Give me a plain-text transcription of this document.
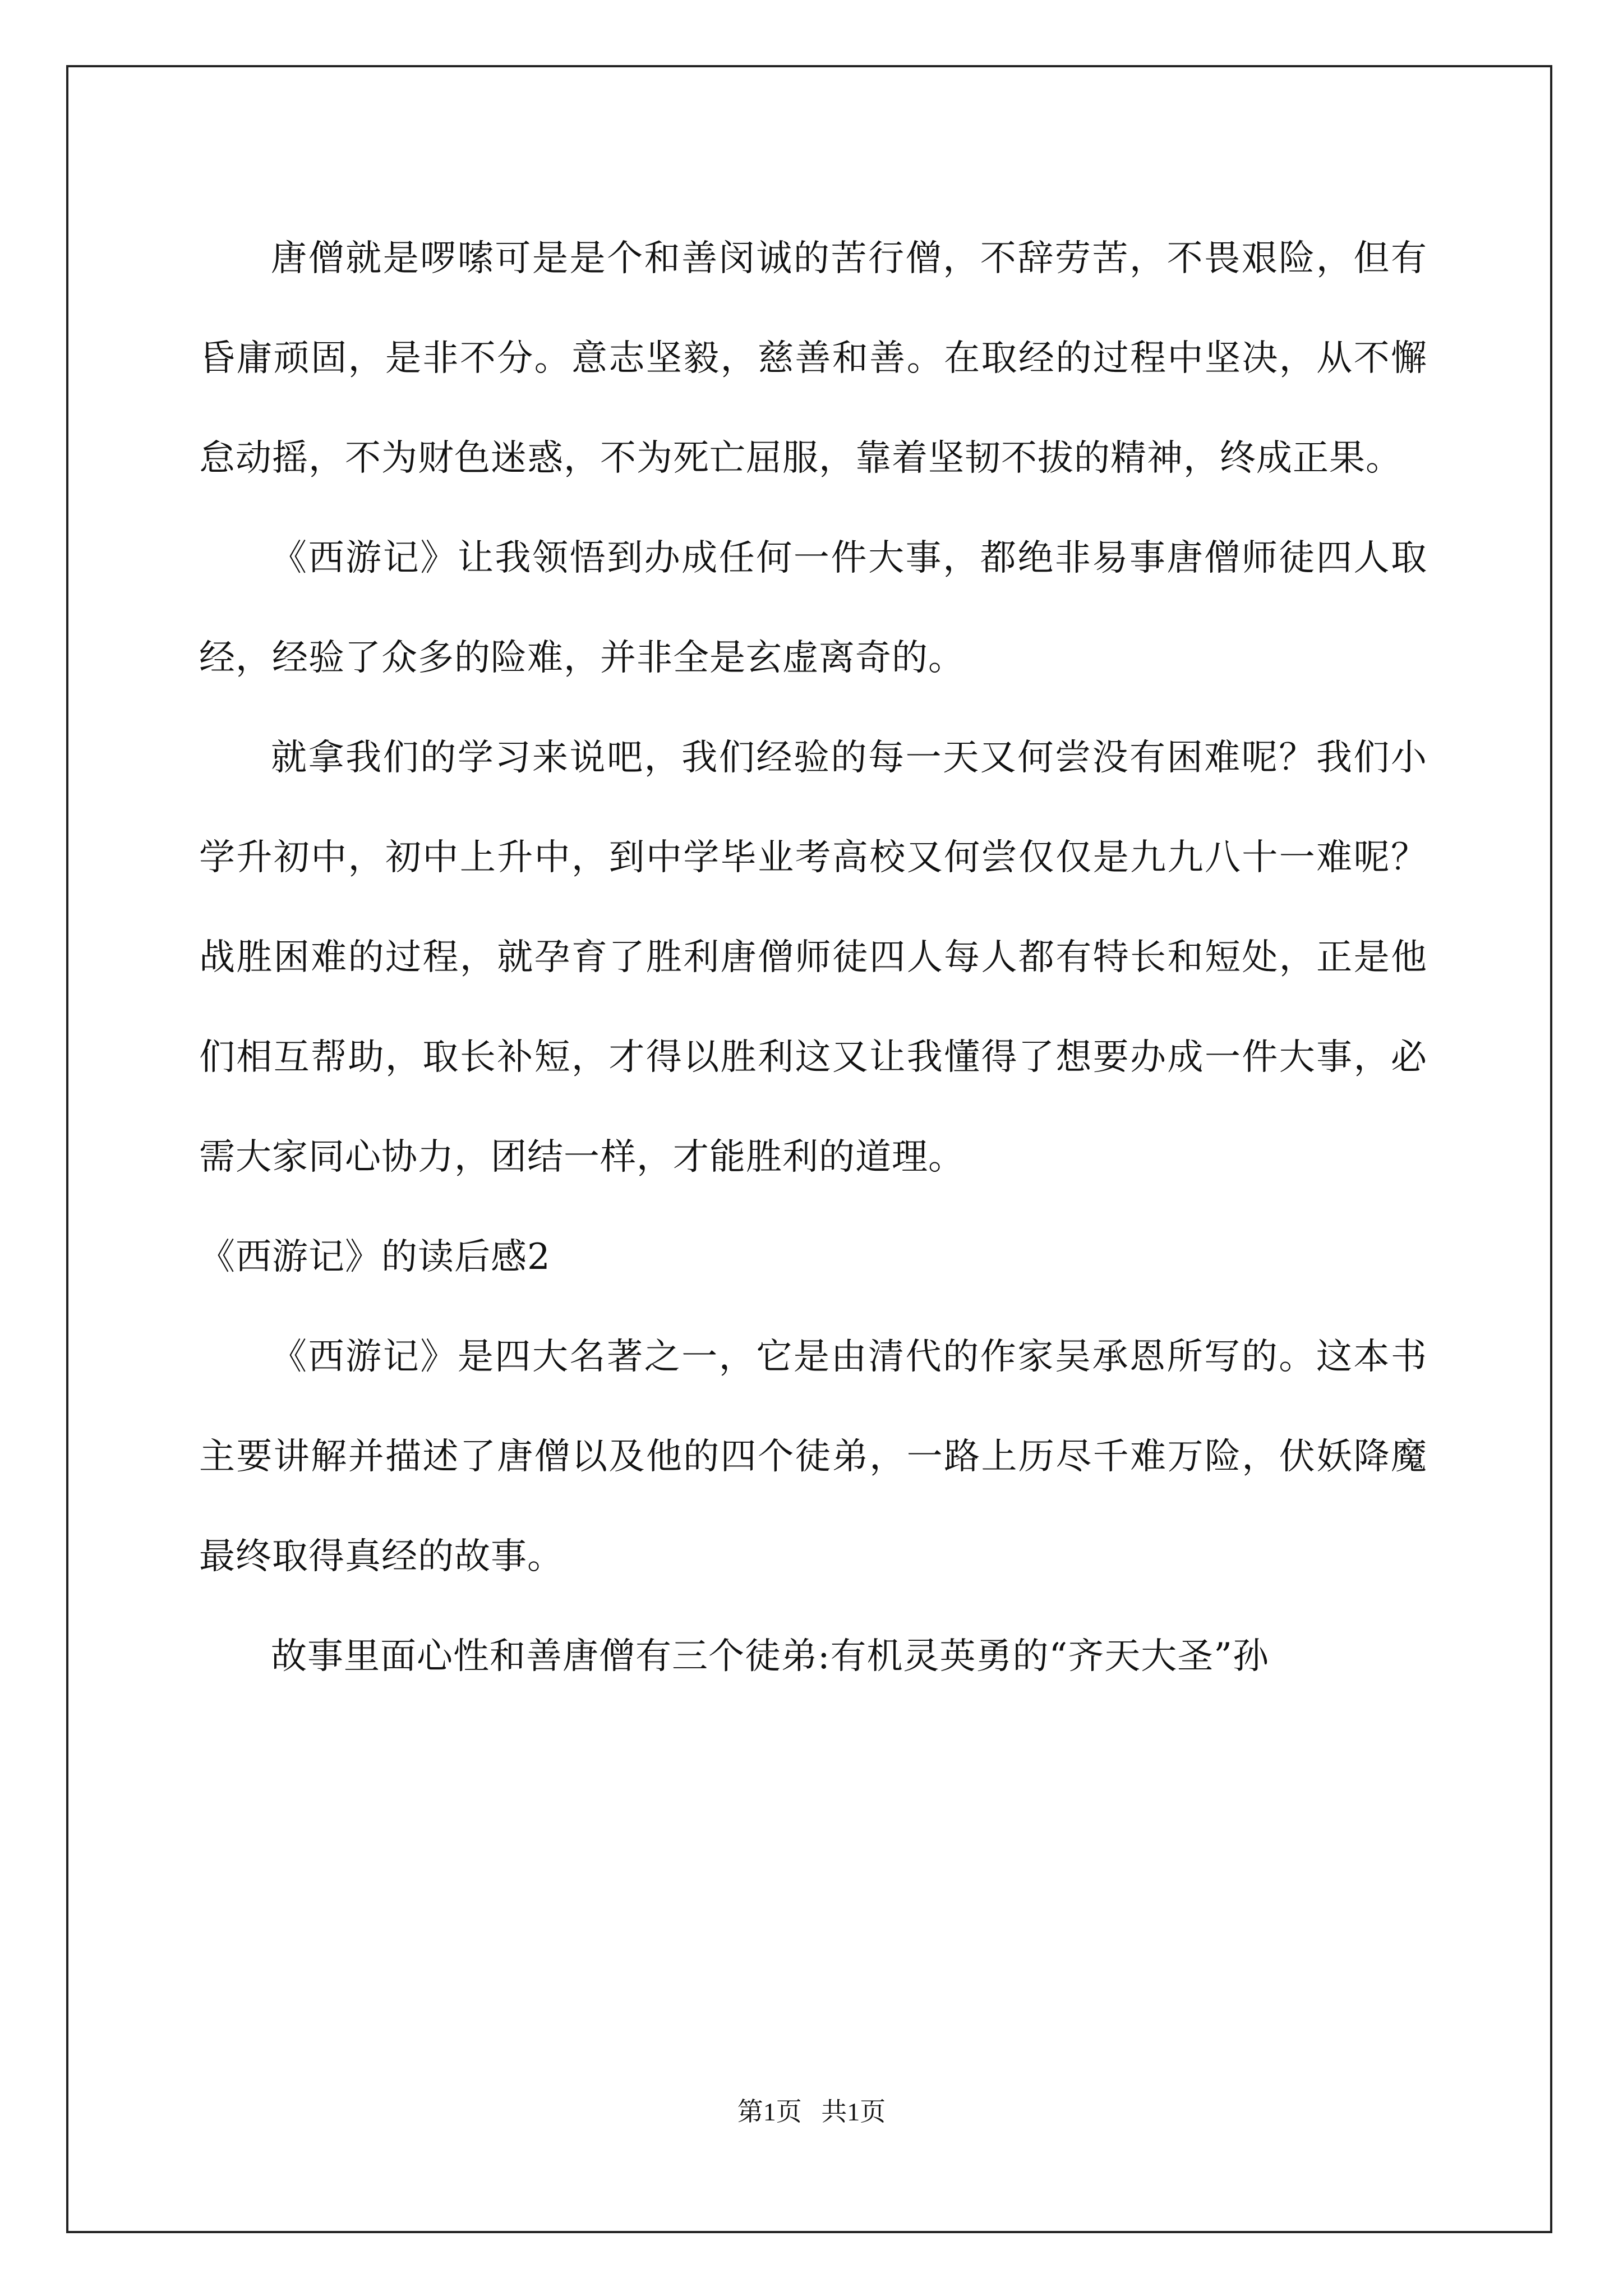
唐僧就是啰嗦可是是个和善闵诚的苦行僧，不辞劳苦，不畏艰险，但有昏庸顽固，是非不分。意志坚毅，慈善和善。在取经的过程中坚决，从不懈怠动摇，不为财色迷惑，不为死亡屈服，靠着坚韧不拔的精神，终成正果。

《西游记》让我领悟到办成任何一件大事，都绝非易事唐僧师徒四人取经，经验了众多的险难，并非全是玄虚离奇的。

就拿我们的学习来说吧，我们经验的每一天又何尝没有困难呢？我们小学升初中，初中上升中，到中学毕业考高校又何尝仅仅是九九八十一难呢？战胜困难的过程，就孕育了胜利唐僧师徒四人每人都有特长和短处，正是他们相互帮助，取长补短，才得以胜利这又让我懂得了想要办成一件大事，必需大家同心协力，团结一样，才能胜利的道理。

《西游记》的读后感2

《西游记》是四大名著之一，它是由清代的作家吴承恩所写的。这本书主要讲解并描述了唐僧以及他的四个徒弟，一路上历尽千难万险，伏妖降魔最终取得真经的故事。

故事里面心性和善唐僧有三个徒弟:有机灵英勇的“齐天大圣”孙

第1页 共1页
